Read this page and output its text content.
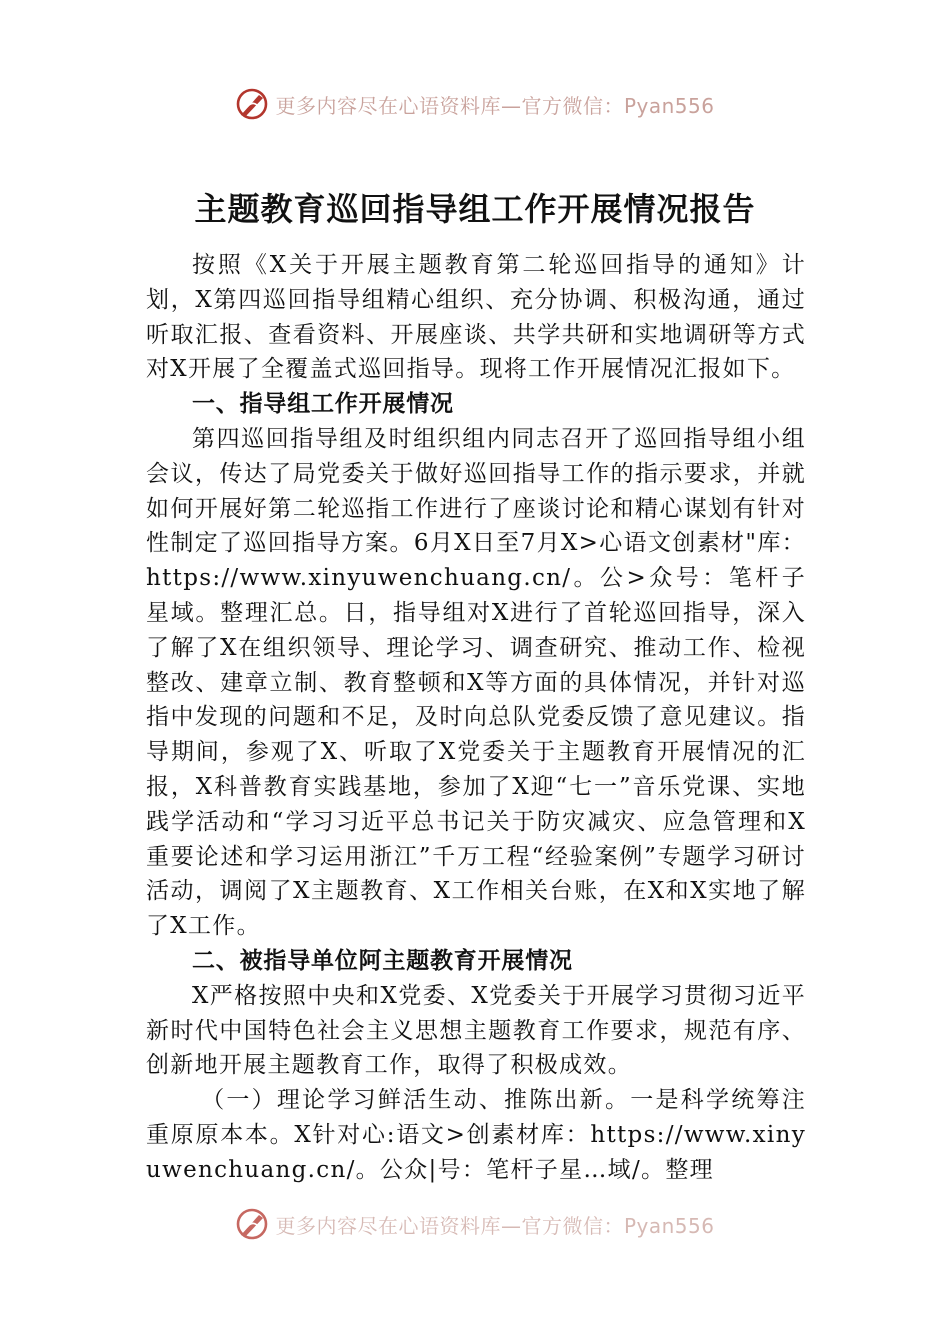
更多内容尽在心语资料库—官方微信：Pyan556
主题教育巡回指导组工作开展情况报告

按照《X关于开展主题教育第二轮巡回指导的通知》计划，X第四巡回指导组精心组织、充分协调、积极沟通，通过听取汇报、查看资料、开展座谈、共学共研和实地调研等方式对X开展了全覆盖式巡回指导。现将工作开展情况汇报如下。

一、指导组工作开展情况

第四巡回指导组及时组织组内同志召开了巡回指导组小组会议，传达了局党委关于做好巡回指导工作的指示要求，并就如何开展好第二轮巡指工作进行了座谈讨论和精心谋划有针对性制定了巡回指导方案。6月X日至7月X>心语文创素材"库：https://www.xinyuwenchuang.cn/。公>众号：笔杆子星域。整理汇总。日，指导组对X进行了首轮巡回指导，深入了解了X在组织领导、理论学习、调查研究、推动工作、检视整改、建章立制、教育整顿和X等方面的具体情况，并针对巡指中发现的问题和不足，及时向总队党委反馈了意见建议。指导期间，参观了X、听取了X党委关于主题教育开展情况的汇报，X科普教育实践基地，参加了X迎“七一”音乐党课、实地践学活动和“学习习近平总书记关于防灾减灾、应急管理和X重要论述和学习运用浙江”千万工程“经验案例”专题学习研讨活动，调阅了X主题教育、X工作相关台账，在X和X实地了解了X工作。

二、被指导单位阿主题教育开展情况

X严格按照中央和X党委、X党委关于开展学习贯彻习近平新时代中国特色社会主义思想主题教育工作要求，规范有序、创新地开展主题教育工作，取得了积极成效。

（一）理论学习鲜活生动、推陈出新。一是科学统筹注重原原本本。X针对心:语文>创素材库：https://www.xinyuwenchuang.cn/。公众|号：笔杆子星…域/。整理

更多内容尽在心语资料库—官方微信：Pyan556
